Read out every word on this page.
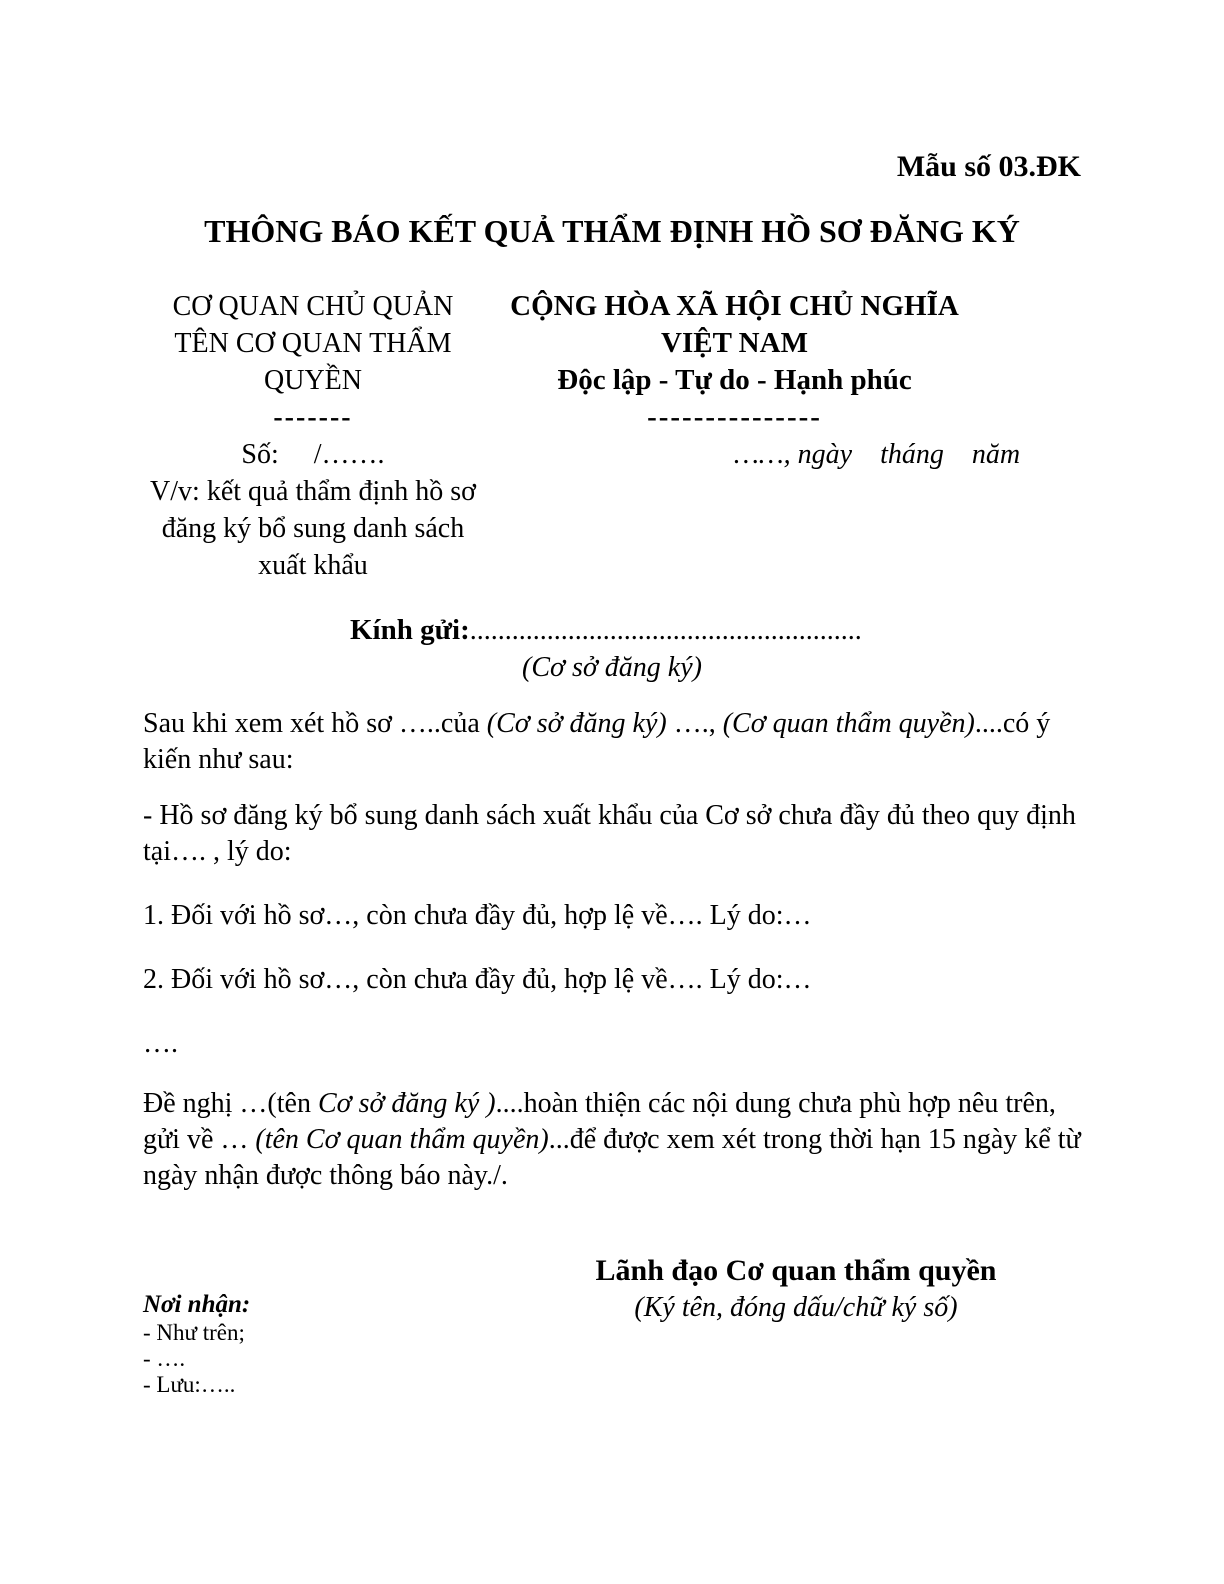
Mẫu số 03.ĐK
THÔNG BÁO KẾT QUẢ THẨM ĐỊNH HỒ SƠ ĐĂNG KÝ
CƠ QUAN CHỦ QUẢN
TÊN CƠ QUAN THẨM QUYỀN
-------
CỘNG HÒA XÃ HỘI CHỦ NGHĨA VIỆT NAM
Độc lập - Tự do - Hạnh phúc
---------------
Số:     /…….
V/v: kết quả thẩm định hồ sơ đăng ký bổ sung danh sách xuất khẩu
……, ngày    tháng    năm
Kính gửi:........................................................
(Cơ sở đăng ký)

Sau khi xem xét hồ sơ …..của (Cơ sở đăng ký) …., (Cơ quan thẩm quyền)....có ý kiến như sau:

- Hồ sơ đăng ký bổ sung danh sách xuất khẩu của Cơ sở chưa đầy đủ theo quy định tại…. , lý do:

1. Đối với hồ sơ…, còn chưa đầy đủ, hợp lệ về…. Lý do:…

2. Đối với hồ sơ…, còn chưa đầy đủ, hợp lệ về…. Lý do:…

….

Đề nghị …(tên Cơ sở đăng ký )....hoàn thiện các nội dung chưa phù hợp nêu trên, gửi về … (tên Cơ quan thẩm quyền)...để được xem xét trong thời hạn 15 ngày kể từ ngày nhận được thông báo này./.

Nơi nhận:
- Như trên;
- ….
- Lưu:…..
Lãnh đạo Cơ quan thẩm quyền
(Ký tên, đóng dấu/chữ ký số)
